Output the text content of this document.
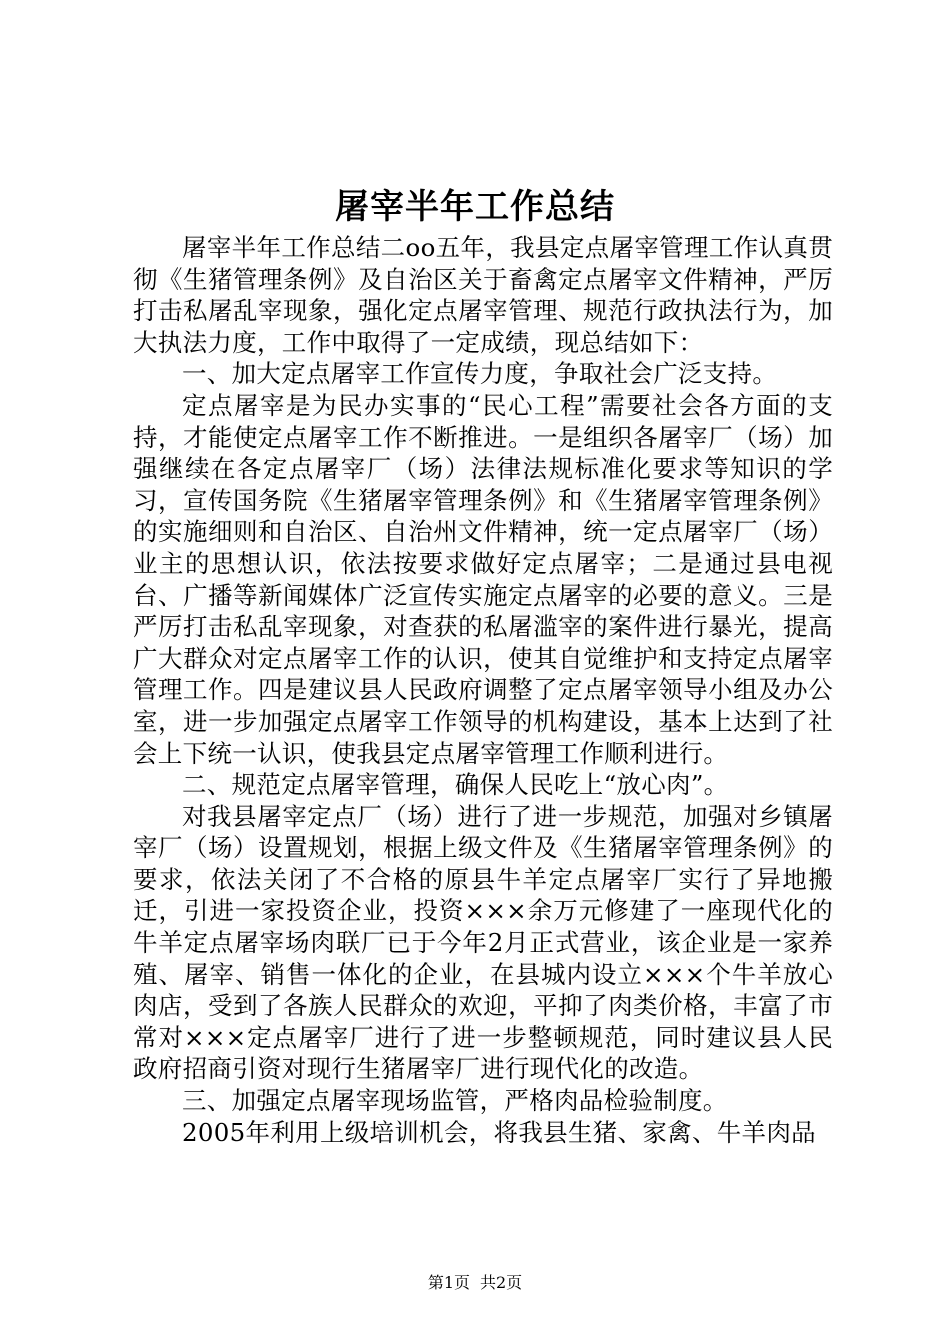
屠宰半年工作总结

屠宰半年工作总结二oo五年，我县定点屠宰管理工作认真贯彻《生猪管理条例》及自治区关于畜禽定点屠宰文件精神，严厉打击私屠乱宰现象，强化定点屠宰管理、规范行政执法行为，加大执法力度，工作中取得了一定成绩，现总结如下：

一、加大定点屠宰工作宣传力度，争取社会广泛支持。

定点屠宰是为民办实事的“民心工程”需要社会各方面的支持，才能使定点屠宰工作不断推进。一是组织各屠宰厂（场）加强继续在各定点屠宰厂（场）法律法规标准化要求等知识的学习，宣传国务院《生猪屠宰管理条例》和《生猪屠宰管理条例》的实施细则和自治区、自治州文件精神，统一定点屠宰厂（场）业主的思想认识，依法按要求做好定点屠宰；二是通过县电视台、广播等新闻媒体广泛宣传实施定点屠宰的必要的意义。三是严厉打击私乱宰现象，对查获的私屠滥宰的案件进行暴光，提高广大群众对定点屠宰工作的认识，使其自觉维护和支持定点屠宰管理工作。四是建议县人民政府调整了定点屠宰领导小组及办公室，进一步加强定点屠宰工作领导的机构建设，基本上达到了社会上下统一认识，使我县定点屠宰管理工作顺利进行。

二、规范定点屠宰管理，确保人民吃上“放心肉”。

对我县屠宰定点厂（场）进行了进一步规范，加强对乡镇屠宰厂（场）设置规划，根据上级文件及《生猪屠宰管理条例》的要求，依法关闭了不合格的原县牛羊定点屠宰厂实行了异地搬迁，引进一家投资企业，投资×××余万元修建了一座现代化的牛羊定点屠宰场肉联厂已于今年2月正式营业，该企业是一家养殖、屠宰、销售一体化的企业，在县城内设立×××个牛羊放心肉店，受到了各族人民群众的欢迎，平抑了肉类价格，丰富了市常对×××定点屠宰厂进行了进一步整顿规范，同时建议县人民政府招商引资对现行生猪屠宰厂进行现代化的改造。

三、加强定点屠宰现场监管，严格肉品检验制度。

2005年利用上级培训机会，将我县生猪、家禽、牛羊肉品

第1页 共2页
